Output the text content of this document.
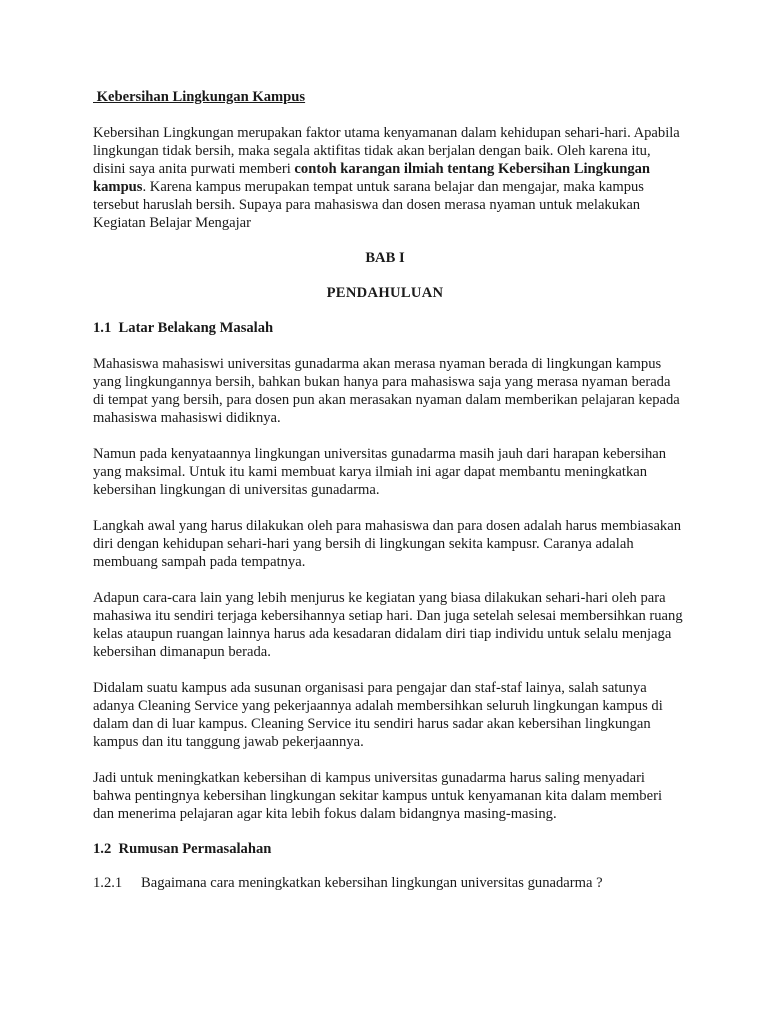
Kebersihan Lingkungan Kampus

Kebersihan Lingkungan merupakan faktor utama kenyamanan dalam kehidupan sehari-hari. Apabila lingkungan tidak bersih, maka segala aktifitas tidak akan berjalan dengan baik. Oleh karena itu, disini saya anita purwati memberi contoh karangan ilmiah tentang Kebersihan Lingkungan kampus. Karena kampus merupakan tempat untuk sarana belajar dan mengajar, maka kampus tersebut haruslah bersih. Supaya para mahasiswa dan dosen merasa nyaman untuk melakukan Kegiatan Belajar Mengajar

BAB I

PENDAHULUAN

1.1  Latar Belakang Masalah

Mahasiswa mahasiswi universitas gunadarma akan merasa nyaman berada di lingkungan kampus yang lingkungannya bersih, bahkan bukan hanya para mahasiswa saja yang merasa nyaman berada di tempat yang bersih, para dosen pun akan merasakan nyaman dalam memberikan pelajaran kepada mahasiswa mahasiswi didiknya.

Namun pada kenyataannya lingkungan universitas gunadarma masih jauh dari harapan kebersihan yang maksimal. Untuk itu kami membuat karya ilmiah ini agar dapat membantu meningkatkan kebersihan lingkungan di universitas gunadarma.

Langkah awal yang harus dilakukan oleh para mahasiswa dan para dosen adalah harus membiasakan diri dengan kehidupan sehari-hari yang bersih di lingkungan sekita kampusr. Caranya adalah membuang sampah pada tempatnya.

Adapun cara-cara lain yang lebih menjurus ke kegiatan yang biasa dilakukan sehari-hari oleh para mahasiwa itu sendiri terjaga kebersihannya setiap hari. Dan juga setelah selesai membersihkan ruang kelas ataupun ruangan lainnya harus ada kesadaran didalam diri tiap individu untuk selalu menjaga kebersihan dimanapun berada.

Didalam suatu kampus ada susunan organisasi para pengajar dan staf-staf lainya, salah satunya adanya Cleaning Service yang pekerjaannya adalah membersihkan seluruh lingkungan kampus di dalam dan di luar kampus. Cleaning Service itu sendiri harus sadar akan kebersihan lingkungan kampus dan itu tanggung jawab pekerjaannya.

Jadi untuk meningkatkan kebersihan di kampus universitas gunadarma harus saling menyadari bahwa pentingnya kebersihan lingkungan sekitar kampus untuk kenyamanan kita dalam memberi dan menerima pelajaran agar kita lebih fokus dalam bidangnya masing-masing.

1.2  Rumusan Permasalahan

1.2.1	Bagaimana cara meningkatkan kebersihan lingkungan universitas gunadarma ?
